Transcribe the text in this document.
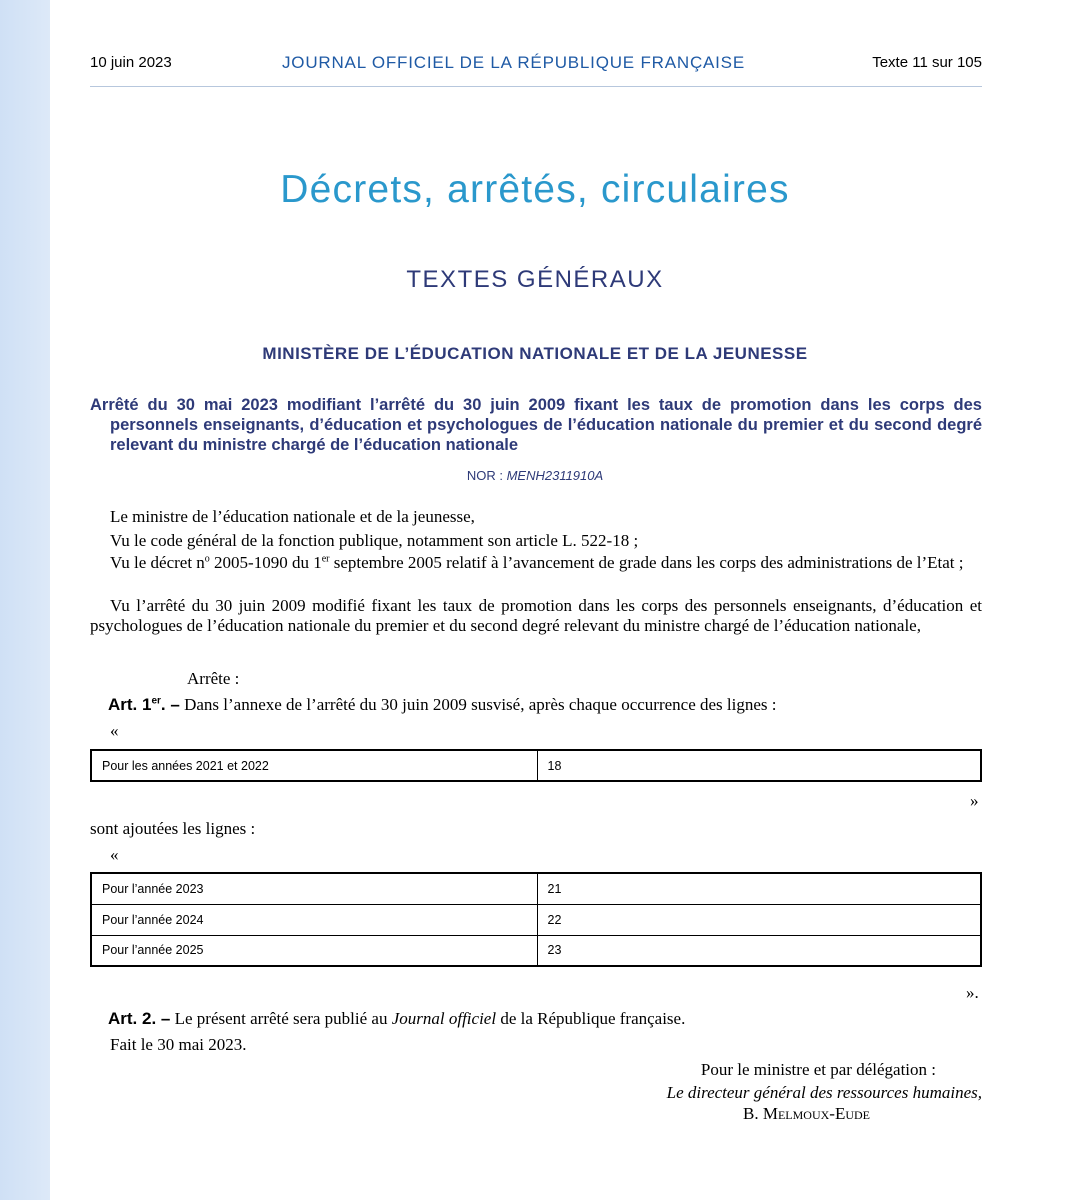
10 juin 2023	JOURNAL OFFICIEL DE LA RÉPUBLIQUE FRANÇAISE	Texte 11 sur 105
Décrets, arrêtés, circulaires
TEXTES GÉNÉRAUX
MINISTÈRE DE L’ÉDUCATION NATIONALE ET DE LA JEUNESSE
Arrêté du 30 mai 2023 modifiant l’arrêté du 30 juin 2009 fixant les taux de promotion dans les corps des personnels enseignants, d’éducation et psychologues de l’éducation nationale du premier et du second degré relevant du ministre chargé de l’éducation nationale
NOR : MENH2311910A
Le ministre de l’éducation nationale et de la jeunesse,
Vu le code général de la fonction publique, notamment son article L. 522-18 ;
Vu le décret $n^o$ 2005-1090 du 1er septembre 2005 relatif à l’avancement de grade dans les corps des administrations de l’Etat ;
Vu l’arrêté du 30 juin 2009 modifié fixant les taux de promotion dans les corps des personnels enseignants, d’éducation et psychologues de l’éducation nationale du premier et du second degré relevant du ministre chargé de l’éducation nationale,
Arrête :
Art. 1er. – Dans l’annexe de l’arrêté du 30 juin 2009 susvisé, après chaque occurrence des lignes :
«
Pour les années 2021 et 2022	18
»
sont ajoutées les lignes :
«
Pour l’année 2023	21
Pour l’année 2024	22
Pour l’année 2025	23
».
Art. 2. – Le présent arrêté sera publié au Journal officiel de la République française.
Fait le 30 mai 2023.
Pour le ministre et par délégation :
Le directeur général des ressources humaines,
B. Melmoux-Eude
